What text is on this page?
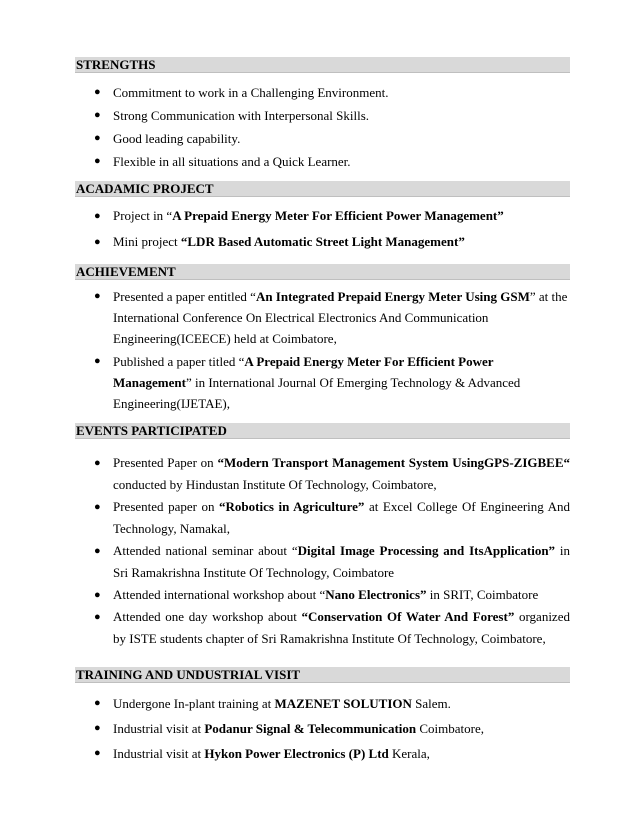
STRENGTHS
● Commitment to work in a Challenging Environment.
● Strong Communication with Interpersonal Skills.
● Good leading capability.
● Flexible in all situations and a Quick Learner.
ACADAMIC PROJECT
● Project in “A Prepaid Energy Meter For Efficient Power Management”
● Mini project “LDR Based Automatic Street Light Management”
ACHIEVEMENT
● Presented a paper entitled “An Integrated Prepaid Energy Meter Using GSM” at the International Conference On Electrical Electronics And Communication Engineering(ICEECE) held at Coimbatore,
● Published a paper titled “A Prepaid Energy Meter For Efficient Power Management” in International Journal Of Emerging Technology & Advanced Engineering(IJETAE),
EVENTS PARTICIPATED
● Presented Paper on “Modern Transport Management System UsingGPS-ZIGBEE“ conducted by Hindustan Institute Of Technology, Coimbatore,
● Presented paper on “Robotics in Agriculture” at Excel College Of Engineering And Technology, Namakal,
● Attended national seminar about “Digital Image Processing and ItsApplication” in Sri Ramakrishna Institute Of Technology, Coimbatore
● Attended international workshop about “Nano Electronics” in SRIT, Coimbatore
● Attended one day workshop about “Conservation Of Water And Forest” organized by ISTE students chapter of Sri Ramakrishna Institute Of Technology, Coimbatore,
TRAINING AND UNDUSTRIAL VISIT
● Undergone In-plant training at MAZENET SOLUTION Salem.
● Industrial visit at Podanur Signal & Telecommunication Coimbatore,
● Industrial visit at Hykon Power Electronics (P) Ltd Kerala,
